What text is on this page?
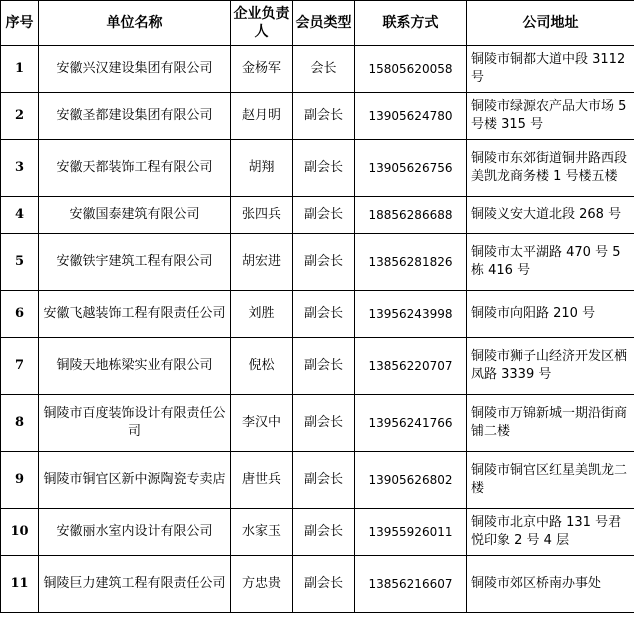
序号	单位名称	企业负责人	会员类型	联系方式	公司地址
1	安徽兴汉建设集团有限公司	金杨军	会长	15805620058	铜陵市铜都大道中段 3112 号
2	安徽圣都建设集团有限公司	赵月明	副会长	13905624780	铜陵市绿源农产品大市场 5 号楼 315 号
3	安徽天都装饰工程有限公司	胡翔	副会长	13905626756	铜陵市东郊街道铜井路西段美凯龙商务楼 1 号楼五楼
4	安徽国泰建筑有限公司	张四兵	副会长	18856286688	铜陵义安大道北段 268 号
5	安徽铁宇建筑工程有限公司	胡宏进	副会长	13856281826	铜陵市太平湖路 470 号 5 栋 416 号
6	安徽飞越装饰工程有限责任公司	刘胜	副会长	13956243998	铜陵市向阳路 210 号
7	铜陵天地栋梁实业有限公司	倪松	副会长	13856220707	铜陵市狮子山经济开发区栖凤路 3339 号
8	铜陵市百度装饰设计有限责任公司	李汉中	副会长	13956241766	铜陵市万锦新城一期沿街商铺二楼
9	铜陵市铜官区新中源陶瓷专卖店	唐世兵	副会长	13905626802	铜陵市铜官区红星美凯龙二楼
10	安徽丽水室内设计有限公司	水家玉	副会长	13955926011	铜陵市北京中路 131 号君悦印象 2 号 4 层
11	铜陵巨力建筑工程有限责任公司	方忠贵	副会长	13856216607	铜陵市郊区桥南办事处
